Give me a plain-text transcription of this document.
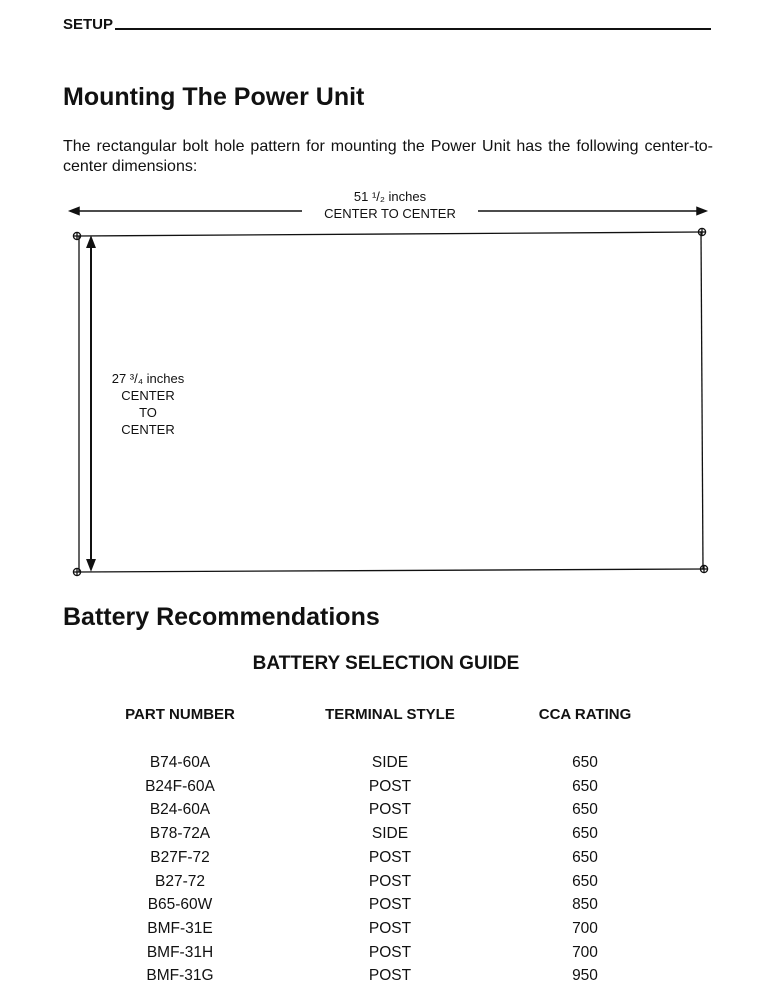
SETUP
Mounting The Power Unit

The rectangular bolt hole pattern for mounting the Power Unit has the following center-to-center dimensions:

51 ¹/₂ inches
CENTER TO CENTER
27 ³/₄ inches
CENTER
TO
CENTER
Battery Recommendations
BATTERY SELECTION GUIDE
PART NUMBER	TERMINAL STYLE	CCA RATING
B74-60A	SIDE	650
B24F-60A	POST	650
B24-60A	POST	650
B78-72A	SIDE	650
B27F-72	POST	650
B27-72	POST	650
B65-60W	POST	850
BMF-31E	POST	700
BMF-31H	POST	700
BMF-31G	POST	950
